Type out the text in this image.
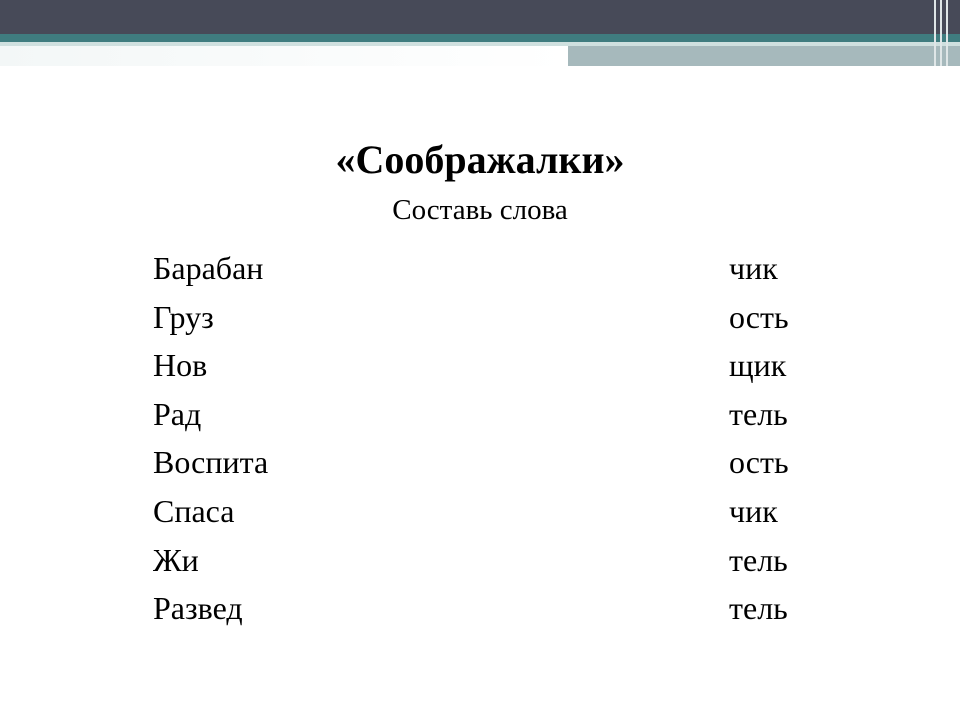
«Соображалки»
Составь слова
Барабан	чик
Груз	ость
Нов	щик
Рад	тель
Воспита	ость
Спаса	чик
Жи	тель
Развед	тель
